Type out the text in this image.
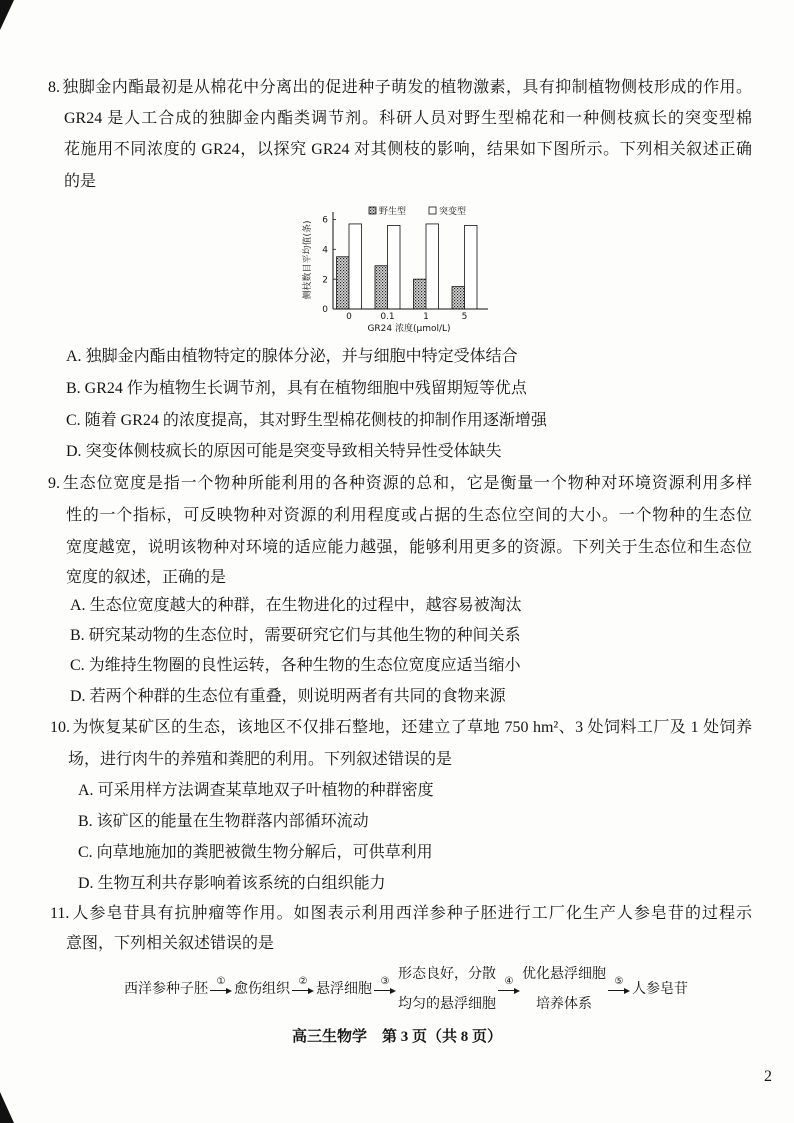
8. 独脚金内酯最初是从棉花中分离出的促进种子萌发的植物激素，具有抑制植物侧枝形成的作用。
GR24 是人工合成的独脚金内酯类调节剂。科研人员对野生型棉花和一种侧枝疯长的突变型棉
花施用不同浓度的 GR24，以探究 GR24 对其侧枝的影响，结果如下图所示。下列相关叙述正确
的是
野生型	突变型
侧枝数目平均值(条)
GR24 浓度(μmol/L)
0	0.1	1	5
0
2
4
6
A. 独脚金内酯由植物特定的腺体分泌，并与细胞中特定受体结合
B. GR24 作为植物生长调节剂，具有在植物细胞中残留期短等优点
C. 随着 GR24 的浓度提高，其对野生型棉花侧枝的抑制作用逐渐增强
D. 突变体侧枝疯长的原因可能是突变导致相关特异性受体缺失
9. 生态位宽度是指一个物种所能利用的各种资源的总和，它是衡量一个物种对环境资源利用多样
性的一个指标，可反映物种对资源的利用程度或占据的生态位空间的大小。一个物种的生态位
宽度越宽，说明该物种对环境的适应能力越强，能够利用更多的资源。下列关于生态位和生态位
宽度的叙述，正确的是
A. 生态位宽度越大的种群，在生物进化的过程中，越容易被淘汰
B. 研究某动物的生态位时，需要研究它们与其他生物的种间关系
C. 为维持生物圈的良性运转，各种生物的生态位宽度应适当缩小
D. 若两个种群的生态位有重叠，则说明两者有共同的食物来源
10. 为恢复某矿区的生态，该地区不仅排石整地，还建立了草地 750 hm²、3 处饲料工厂及 1 处饲养
场，进行肉牛的养殖和粪肥的利用。下列叙述错误的是
A. 可采用样方法调查某草地双子叶植物的种群密度
B. 该矿区的能量在生物群落内部循环流动
C. 向草地施加的粪肥被微生物分解后，可供草利用
D. 生物互利共存影响着该系统的白组织能力
11. 人参皂苷具有抗肿瘤等作用。如图表示利用西洋参种子胚进行工厂化生产人参皂苷的过程示
意图，下列相关叙述错误的是
西洋参种子胚
①
愈伤组织
②
悬浮细胞
③ 形态良好，分散
均匀的悬浮细胞
④ 优化悬浮细胞
培养体系
⑤
人参皂苷
高三生物学　第 3 页（共 8 页）
2
